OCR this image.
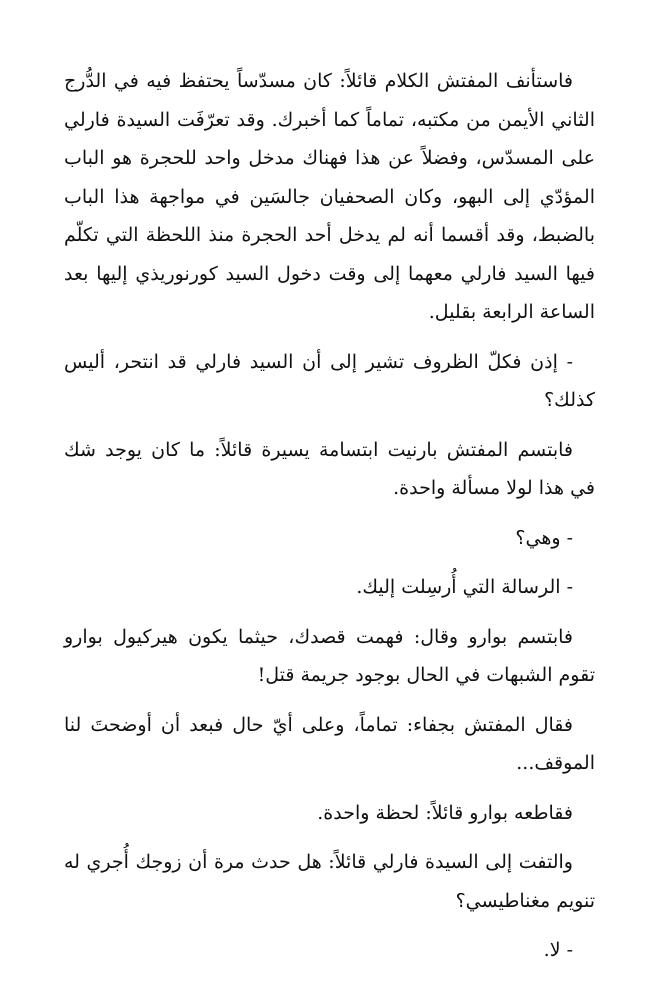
فاستأنف المفتش الكلام قائلاً: كان مسدّساً يحتفظ فيه في الدُّرج الثاني الأيمن من مكتبه، تماماً كما أخبرك. وقد تعرّفَت السيدة فارلي على المسدّس، وفضلاً عن هذا فهناك مدخل واحد للحجرة هو الباب المؤدّي إلى البهو، وكان الصحفيان جالسَين في مواجهة هذا الباب بالضبط، وقد أقسما أنه لم يدخل أحد الحجرة منذ اللحظة التي تكلّم فيها السيد فارلي معهما إلى وقت دخول السيد كورنوريذي إليها بعد الساعة الرابعة بقليل.

- إذن فكلّ الظروف تشير إلى أن السيد فارلي قد انتحر، أليس كذلك؟

فابتسم المفتش بارنيت ابتسامة يسيرة قائلاً: ما كان يوجد شك في هذا لولا مسألة واحدة.

- وهي؟

- الرسالة التي أُرسِلت إليك.

فابتسم بوارو وقال: فهمت قصدك، حيثما يكون هيركيول بوارو تقوم الشبهات في الحال بوجود جريمة قتل!

فقال المفتش بجفاء: تماماً، وعلى أيّ حال فبعد أن أوضحتَ لنا الموقف...

فقاطعه بوارو قائلاً: لحظة واحدة.

والتفت إلى السيدة فارلي قائلاً: هل حدث مرة أن زوجك أُجري له تنويم مغناطيسي؟

- لا.
